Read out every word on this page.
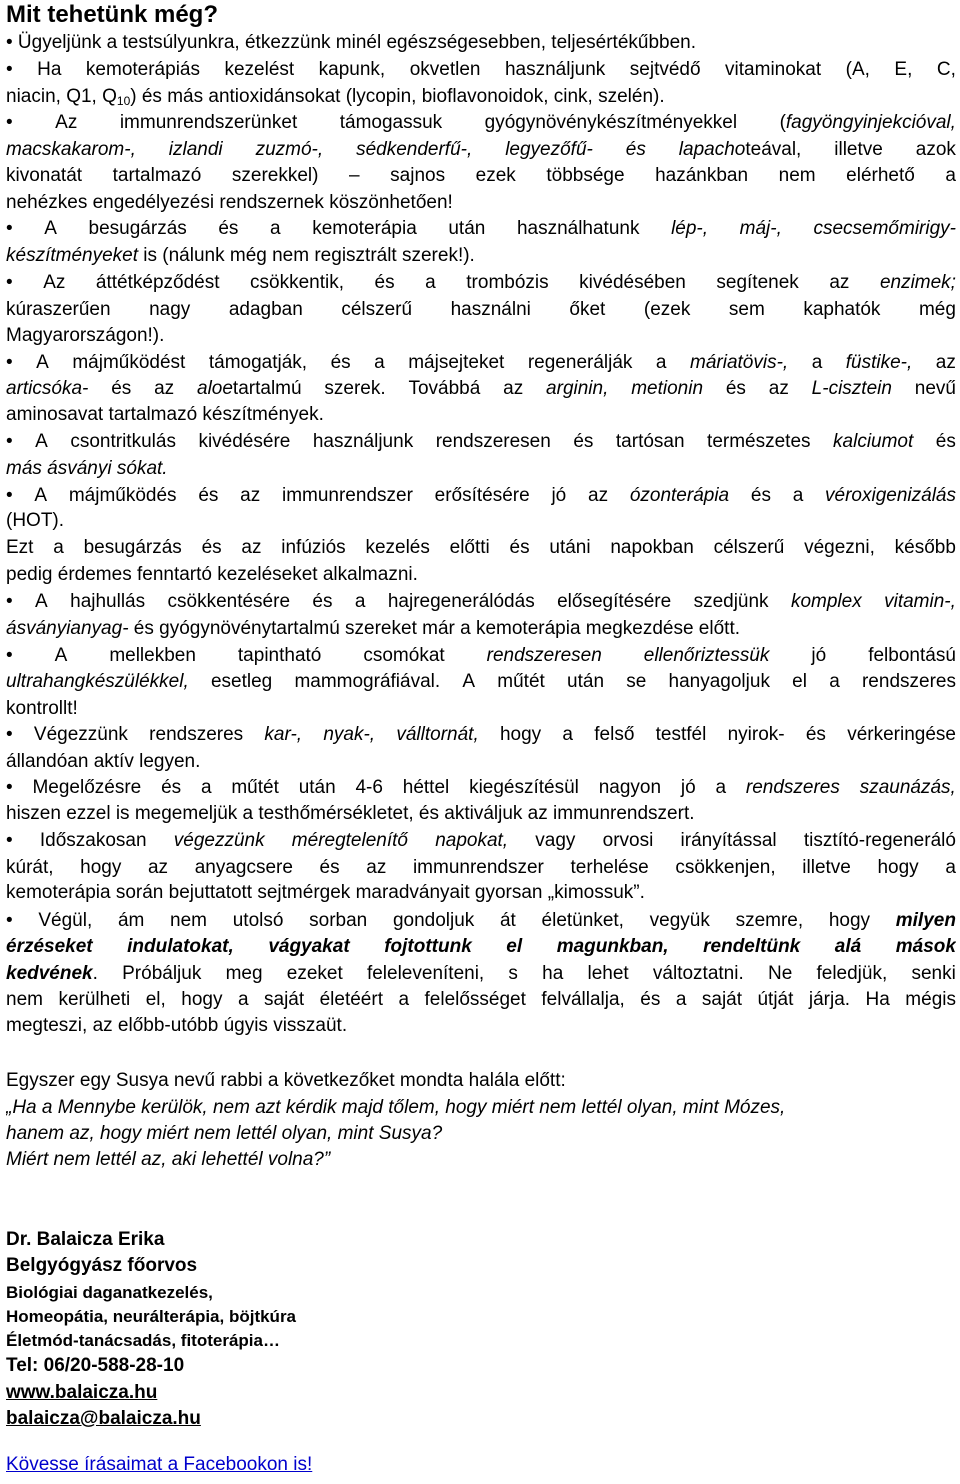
Mit tehetünk még?
• Ügyeljünk a testsúlyunkra, étkezzünk minél egészségesebben, teljesértékűbben.
• Ha kemoterápiás kezelést kapunk, okvetlen használjunk sejtvédő vitaminokat (A, E, C,
niacin, Q1, $Q_{10}$) és más antioxidánsokat (lycopin, bioflavonoidok, cink, szelén).
• Az immunrendszerünket támogassuk gyógynövénykészítményekkel (fagyöngyinjekcióval,
macskakarom-, izlandi zuzmó-, sédkenderfű-, legyezőfű- és lapachoteával, illetve azok
kivonatát tartalmazó szerekkel) – sajnos ezek többsége hazánkban nem elérhető a
nehézkes engedélyezési rendszernek köszönhetően!
• A besugárzás és a kemoterápia után használhatunk lép-, máj-, csecsemőmirigy-
készítményeket is (nálunk még nem regisztrált szerek!).
• Az áttétképződést csökkentik, és a trombózis kivédésében segítenek az enzimek;
kúraszerűen nagy adagban célszerű használni őket (ezek sem kaphatók még
Magyarországon!).
• A májműködést támogatják, és a májsejteket regenerálják a máriatövis-, a füstike-, az
articsóka- és az aloetartalmú szerek. Továbbá az arginin, metionin és az L-cisztein nevű
aminosavat tartalmazó készítmények.
• A csontritkulás kivédésére használjunk rendszeresen és tartósan természetes kalciumot és
más ásványi sókat.
• A májműködés és az immunrendszer erősítésére jó az ózonterápia és a véroxigenizálás
(HOT).
Ezt a besugárzás és az infúziós kezelés előtti és utáni napokban célszerű végezni, később
pedig érdemes fenntartó kezeléseket alkalmazni.
• A hajhullás csökkentésére és a hajregenerálódás elősegítésére szedjünk komplex vitamin-,
ásványianyag- és gyógynövénytartalmú szereket már a kemoterápia megkezdése előtt.
• A mellekben tapintható csomókat rendszeresen ellenőriztessük jó felbontású
ultrahangkészülékkel, esetleg mammográfiával. A műtét után se hanyagoljuk el a rendszeres
kontrollt!
• Végezzünk rendszeres kar-, nyak-, válltornát, hogy a felső testfél nyirok- és vérkeringése
állandóan aktív legyen.
• Megelőzésre és a műtét után 4-6 héttel kiegészítésül nagyon jó a rendszeres szaunázás,
hiszen ezzel is megemeljük a testhőmérsékletet, és aktiváljuk az immunrendszert.
• Időszakosan végezzünk méregtelenítő napokat, vagy orvosi irányítással tisztító-regeneráló
kúrát, hogy az anyagcsere és az immunrendszer terhelése csökkenjen, illetve hogy a
kemoterápia során bejuttatott sejtmérgek maradványait gyorsan „kimossuk”.
• Végül, ám nem utolsó sorban gondoljuk át életünket, vegyük szemre, hogy milyen
érzéseket indulatokat, vágyakat fojtottunk el magunkban, rendeltünk alá mások
kedvének. Próbáljuk meg ezeket feleleveníteni, s ha lehet változtatni. Ne feledjük, senki
nem kerülheti el, hogy a saját életéért a felelősséget felvállalja, és a saját útját járja. Ha mégis
megteszi, az előbb-utóbb úgyis visszaüt.
Egyszer egy Susya nevű rabbi a következőket mondta halála előtt:
„Ha a Mennybe kerülök, nem azt kérdik majd tőlem, hogy miért nem lettél olyan, mint Mózes,
hanem az, hogy miért nem lettél olyan, mint Susya?
Miért nem lettél az, aki lehettél volna?”
Dr. Balaicza Erika
Belgyógyász főorvos
Biológiai daganatkezelés,
Homeopátia, neurálterápia, böjtkúra
Életmód-tanácsadás, fitoterápia…
Tel: 06/20-588-28-10
www.balaicza.hu
balaicza@balaicza.hu
Kövesse írásaimat a Facebookon is!
